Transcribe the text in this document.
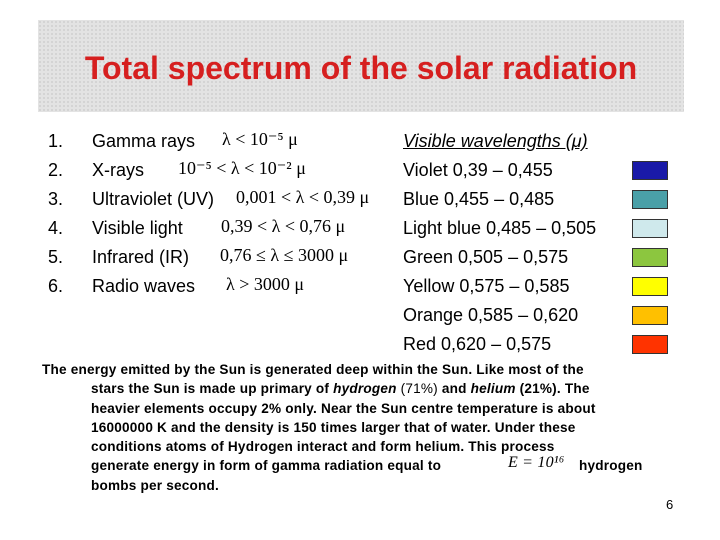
Total spectrum of the solar radiation
1. Gamma rays λ < 10⁻⁵ μ
2. X-rays 10⁻⁵ < λ < 10⁻² μ
3. Ultraviolet (UV) 0,001 < λ < 0,39 μ
4. Visible light 0,39 < λ < 0,76 μ
5. Infrared (IR) 0,76 ≤ λ ≤ 3000 μ
6. Radio waves λ > 3000 μ
Visible wavelengths (μ)
Violet 0,39 – 0,455
Blue 0,455 – 0,485
Light blue 0,485 – 0,505
Green 0,505 – 0,575
Yellow 0,575 – 0,585
Orange 0,585 – 0,620
Red 0,620 – 0,575
The energy emitted by the Sun is generated deep within the Sun. Like most of the
stars the Sun is made up primary of hydrogen (71%) and helium (21%). The
heavier elements occupy 2% only. Near the Sun centre temperature is about
16000000 K and the density is 150 times larger that of water. Under these
conditions atoms of Hydrogen interact and form helium. This process
generate energy in form of gamma radiation equal to	E = 10¹⁶ hydrogen
bombs per second.
6
